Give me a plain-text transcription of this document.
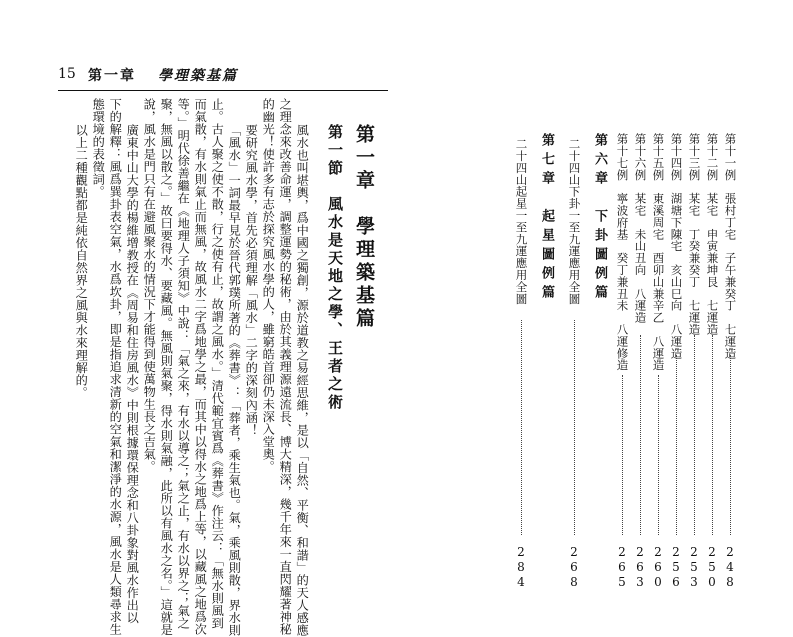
15 第一章 學理築基篇
第一章　學理築基篇
第一節　風水是天地之學、王者之術
風水也叫堪輿，爲中國之獨創，源於道教之易經思維，是以「自然、平衡、和諧」的天人感應
之理念來改善命運，調整運勢的秘術，由於其義理源遠流長、博大精深，幾千年來一直閃耀著神秘
的幽光！使許多有志於探究風水學的人，雖窮皓首卻仍未深入堂奧。
要研究風水學，首先必須理解「風水」二字的深刻內涵！
「風水」一詞最早見於晉代郭璞所著的《葬書》：「葬者，乘生氣也。氣，乘風則散，界水則
止。古人聚之使不散，行之使有止，故謂之風水。」清代範宜賓爲《葬書》作注云：「無水則風到
而氣散，有水則氣止而無風，故風水二字爲地學之最，而其中以得水之地爲上等，以藏風之地爲次
等。」明代徐善繼在《地理人子須知》中說：「氣之來，有水以導之；氣之止，有水以界之；氣之
聚，無風以散之。」故曰要得水、要藏風。無風則氣聚，得水則氣融，此所以有風水之名。」這就是
說，風水是門只有在避風聚水的情況下才能得到使萬物生長之吉氣。
廣東中山大學的楊維增教授在《周易和住房風水》中則根據環保理念和八卦象對風水作出以
下的解釋：風爲巽卦表空氣，水爲坎卦，即是指追求清新的空氣和潔淨的水源，風水是人類尋求生
態環境的表徵詞。
以上二種觀點都是純依自然界之風與水來理解的。	第十一例　張村丁宅　子午兼癸丁　七運造
248
第十二例　某宅　申寅兼坤艮　七運造
250
第十三例　某宅　丁癸兼癸丁　七運造
253
第十四例　湖塘下陳宅　亥山巳向　八運造
256
第十五例　東溪周宅　酉卯山兼辛乙　八運造
260
第十六例　某宅　未山丑向　八運造
263
第十七例　寧波府基　癸丁兼丑未　八運修造
265
第六章　下卦圖例篇
二十四山下卦一至九運應用全圖
268
第七章　起星圖例篇
二十四山起星一至九運應用全圖
284
